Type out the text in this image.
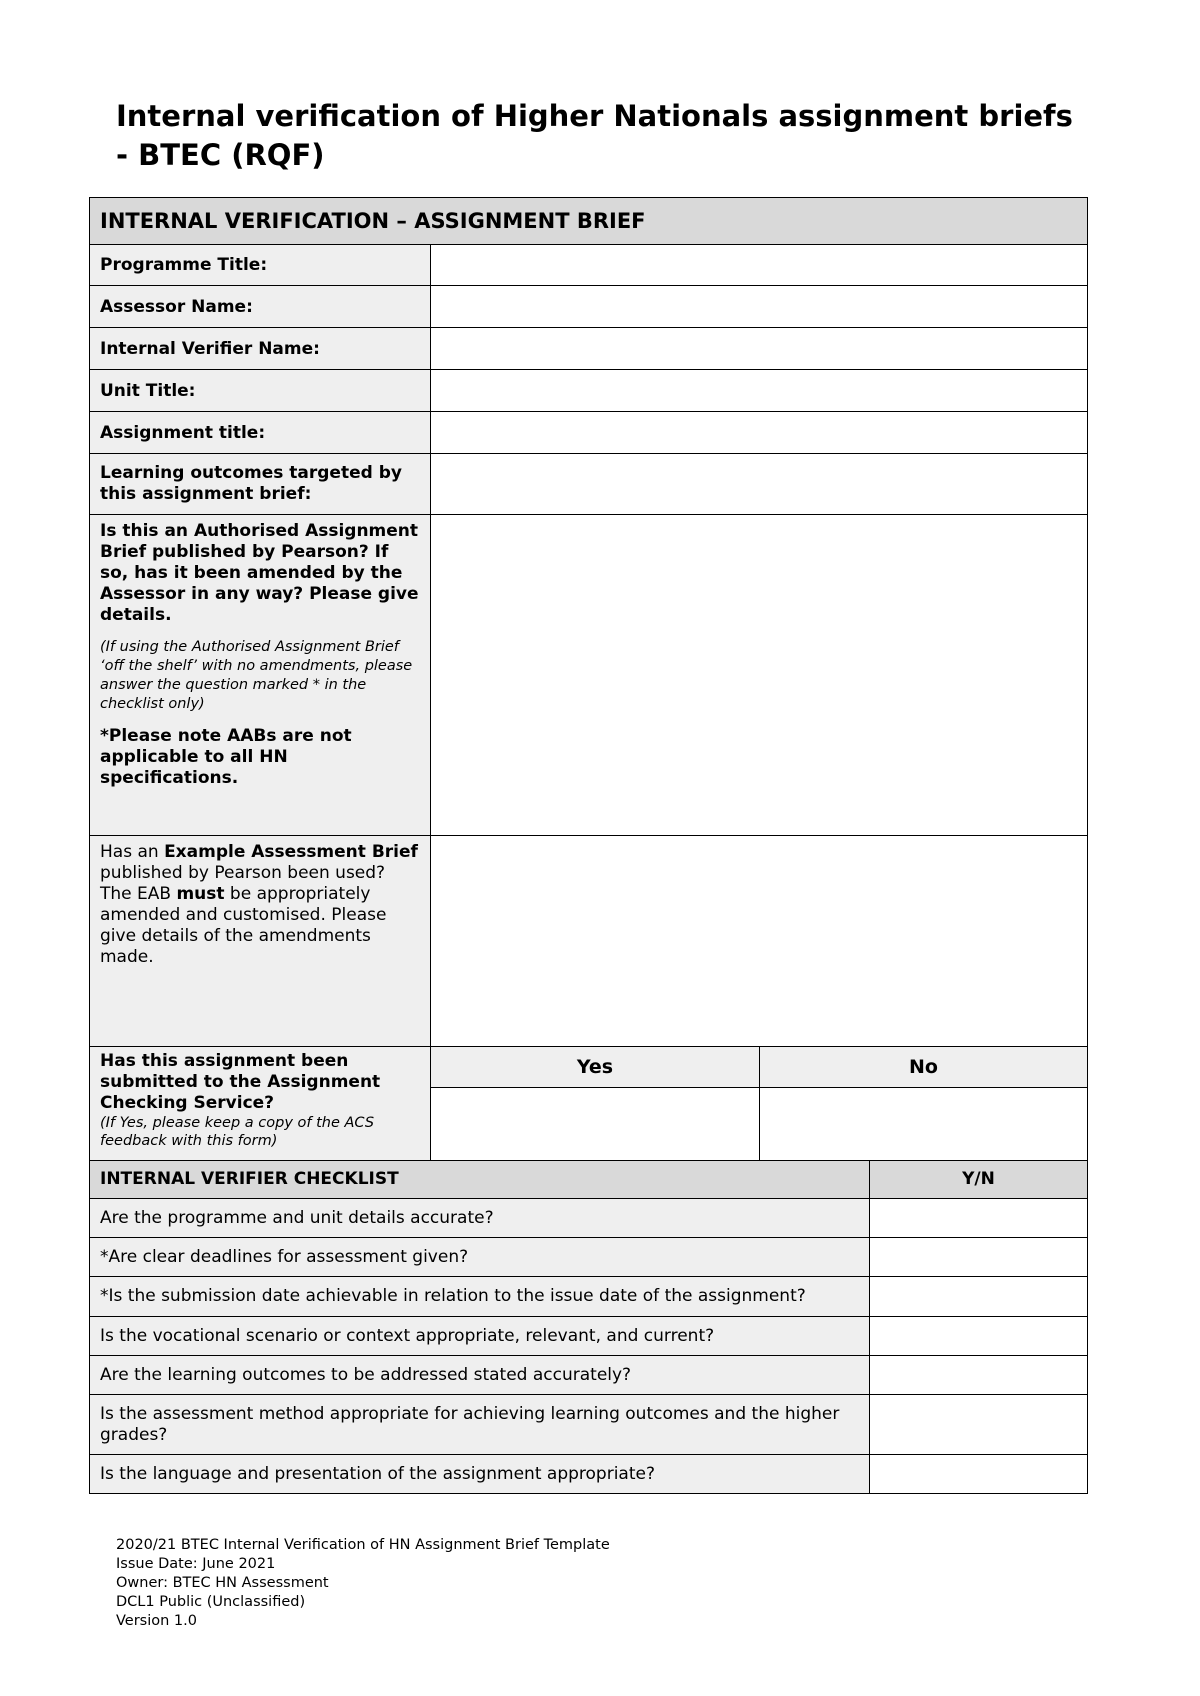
Internal verification of Higher Nationals assignment briefs
- BTEC (RQF)
INTERNAL VERIFICATION – ASSIGNMENT BRIEF		
Programme Title:		
Assessor Name:		
Internal Verifier Name:		
Unit Title:		
Assignment title:		
Learning outcomes targeted by this assignment brief:		

Is this an Authorised Assignment Brief published by Pearson? If so, has it been amended by the Assessor in any way? Please give details.
(If using the Authorised Assignment Brief ‘off the shelf’ with no amendments, please answer the question marked * in the checklist only)
*Please note AABs are not applicable to all HN specifications.		

Has an Example Assessment Brief published by Pearson been used? The EAB must be appropriately amended and customised. Please give details of the amendments made.		

Has this assignment been submitted to the Assignment Checking Service?
(If Yes, please keep a copy of the ACS feedback with this form)	Yes	No

INTERNAL VERIFIER CHECKLIST	Y/N
Are the programme and unit details accurate?	
*Are clear deadlines for assessment given?	
*Is the submission date achievable in relation to the issue date of the assignment?	
Is the vocational scenario or context appropriate, relevant, and current?	
Are the learning outcomes to be addressed stated accurately?	
Is the assessment method appropriate for achieving learning outcomes and the higher grades?	
Is the language and presentation of the assignment appropriate?	
2020/21 BTEC Internal Verification of HN Assignment Brief Template
Issue Date: June 2021
Owner: BTEC HN Assessment
DCL1 Public (Unclassified)
Version 1.0
